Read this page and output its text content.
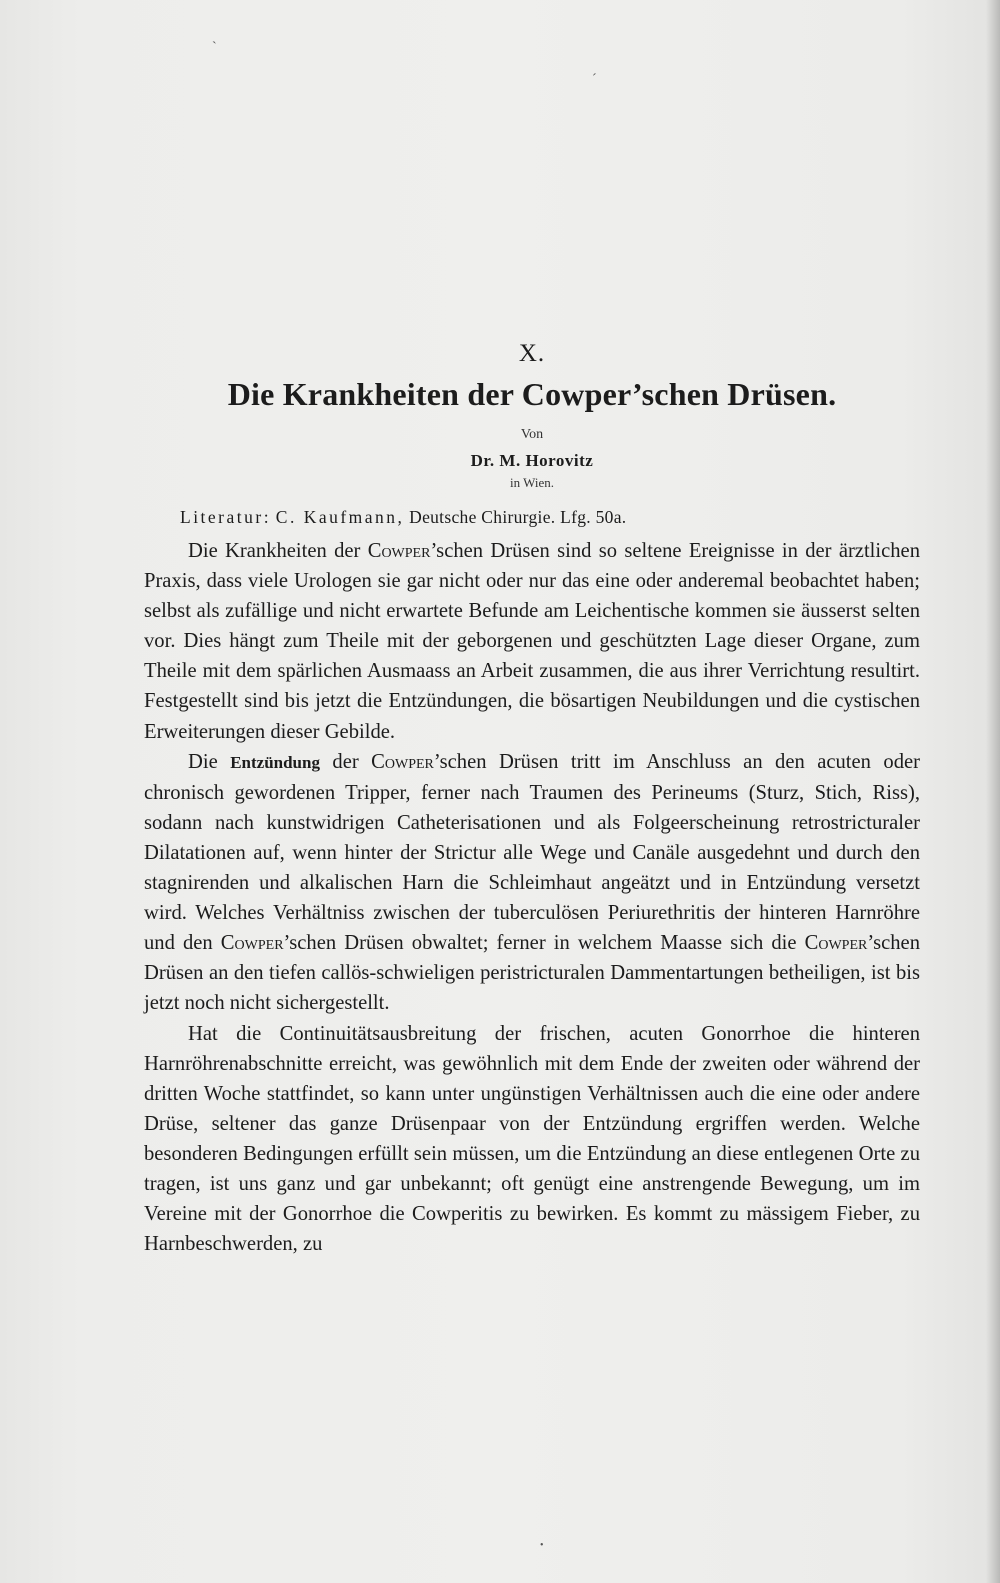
ˋ
ˊ
•

X.

Die Krankheiten der Cowper’schen Drüsen.

Von

Dr. M. Horovitz

in Wien.

Literatur: C. Kaufmann, Deutsche Chirurgie. Lfg. 50a.

Die Krankheiten der Cowper’schen Drüsen sind so seltene Ereignisse in der ärztlichen Praxis, dass viele Urologen sie gar nicht oder nur das eine oder anderemal beobachtet haben; selbst als zufällige und nicht erwartete Befunde am Leichentische kommen sie äusserst selten vor. Dies hängt zum Theile mit der geborgenen und geschützten Lage dieser Organe, zum Theile mit dem spärlichen Ausmaass an Arbeit zusammen, die aus ihrer Verrichtung resultirt. Festgestellt sind bis jetzt die Entzündungen, die bösartigen Neubildungen und die cystischen Erweiterungen dieser Gebilde.

Die Entzündung der Cowper’schen Drüsen tritt im Anschluss an den acuten oder chronisch gewordenen Tripper, ferner nach Traumen des Perineums (Sturz, Stich, Riss), sodann nach kunstwidrigen Catheterisationen und als Folgeerscheinung retrostricturaler Dilatationen auf, wenn hinter der Strictur alle Wege und Canäle ausgedehnt und durch den stagnirenden und alkalischen Harn die Schleimhaut angeätzt und in Entzündung versetzt wird. Welches Verhältniss zwischen der tuberculösen Periurethritis der hinteren Harnröhre und den Cowper’schen Drüsen obwaltet; ferner in welchem Maasse sich die Cowper’schen Drüsen an den tiefen callös-schwieligen peristricturalen Dammentartungen betheiligen, ist bis jetzt noch nicht sichergestellt.

Hat die Continuitätsausbreitung der frischen, acuten Gonorrhoe die hinteren Harnröhrenabschnitte erreicht, was gewöhnlich mit dem Ende der zweiten oder während der dritten Woche stattfindet, so kann unter ungünstigen Verhältnissen auch die eine oder andere Drüse, seltener das ganze Drüsenpaar von der Entzündung ergriffen werden. Welche besonderen Bedingungen erfüllt sein müssen, um die Entzündung an diese entlegenen Orte zu tragen, ist uns ganz und gar unbekannt; oft genügt eine anstrengende Bewegung, um im Vereine mit der Gonorrhoe die Cowperitis zu bewirken. Es kommt zu mässigem Fieber, zu Harnbeschwerden, zu
